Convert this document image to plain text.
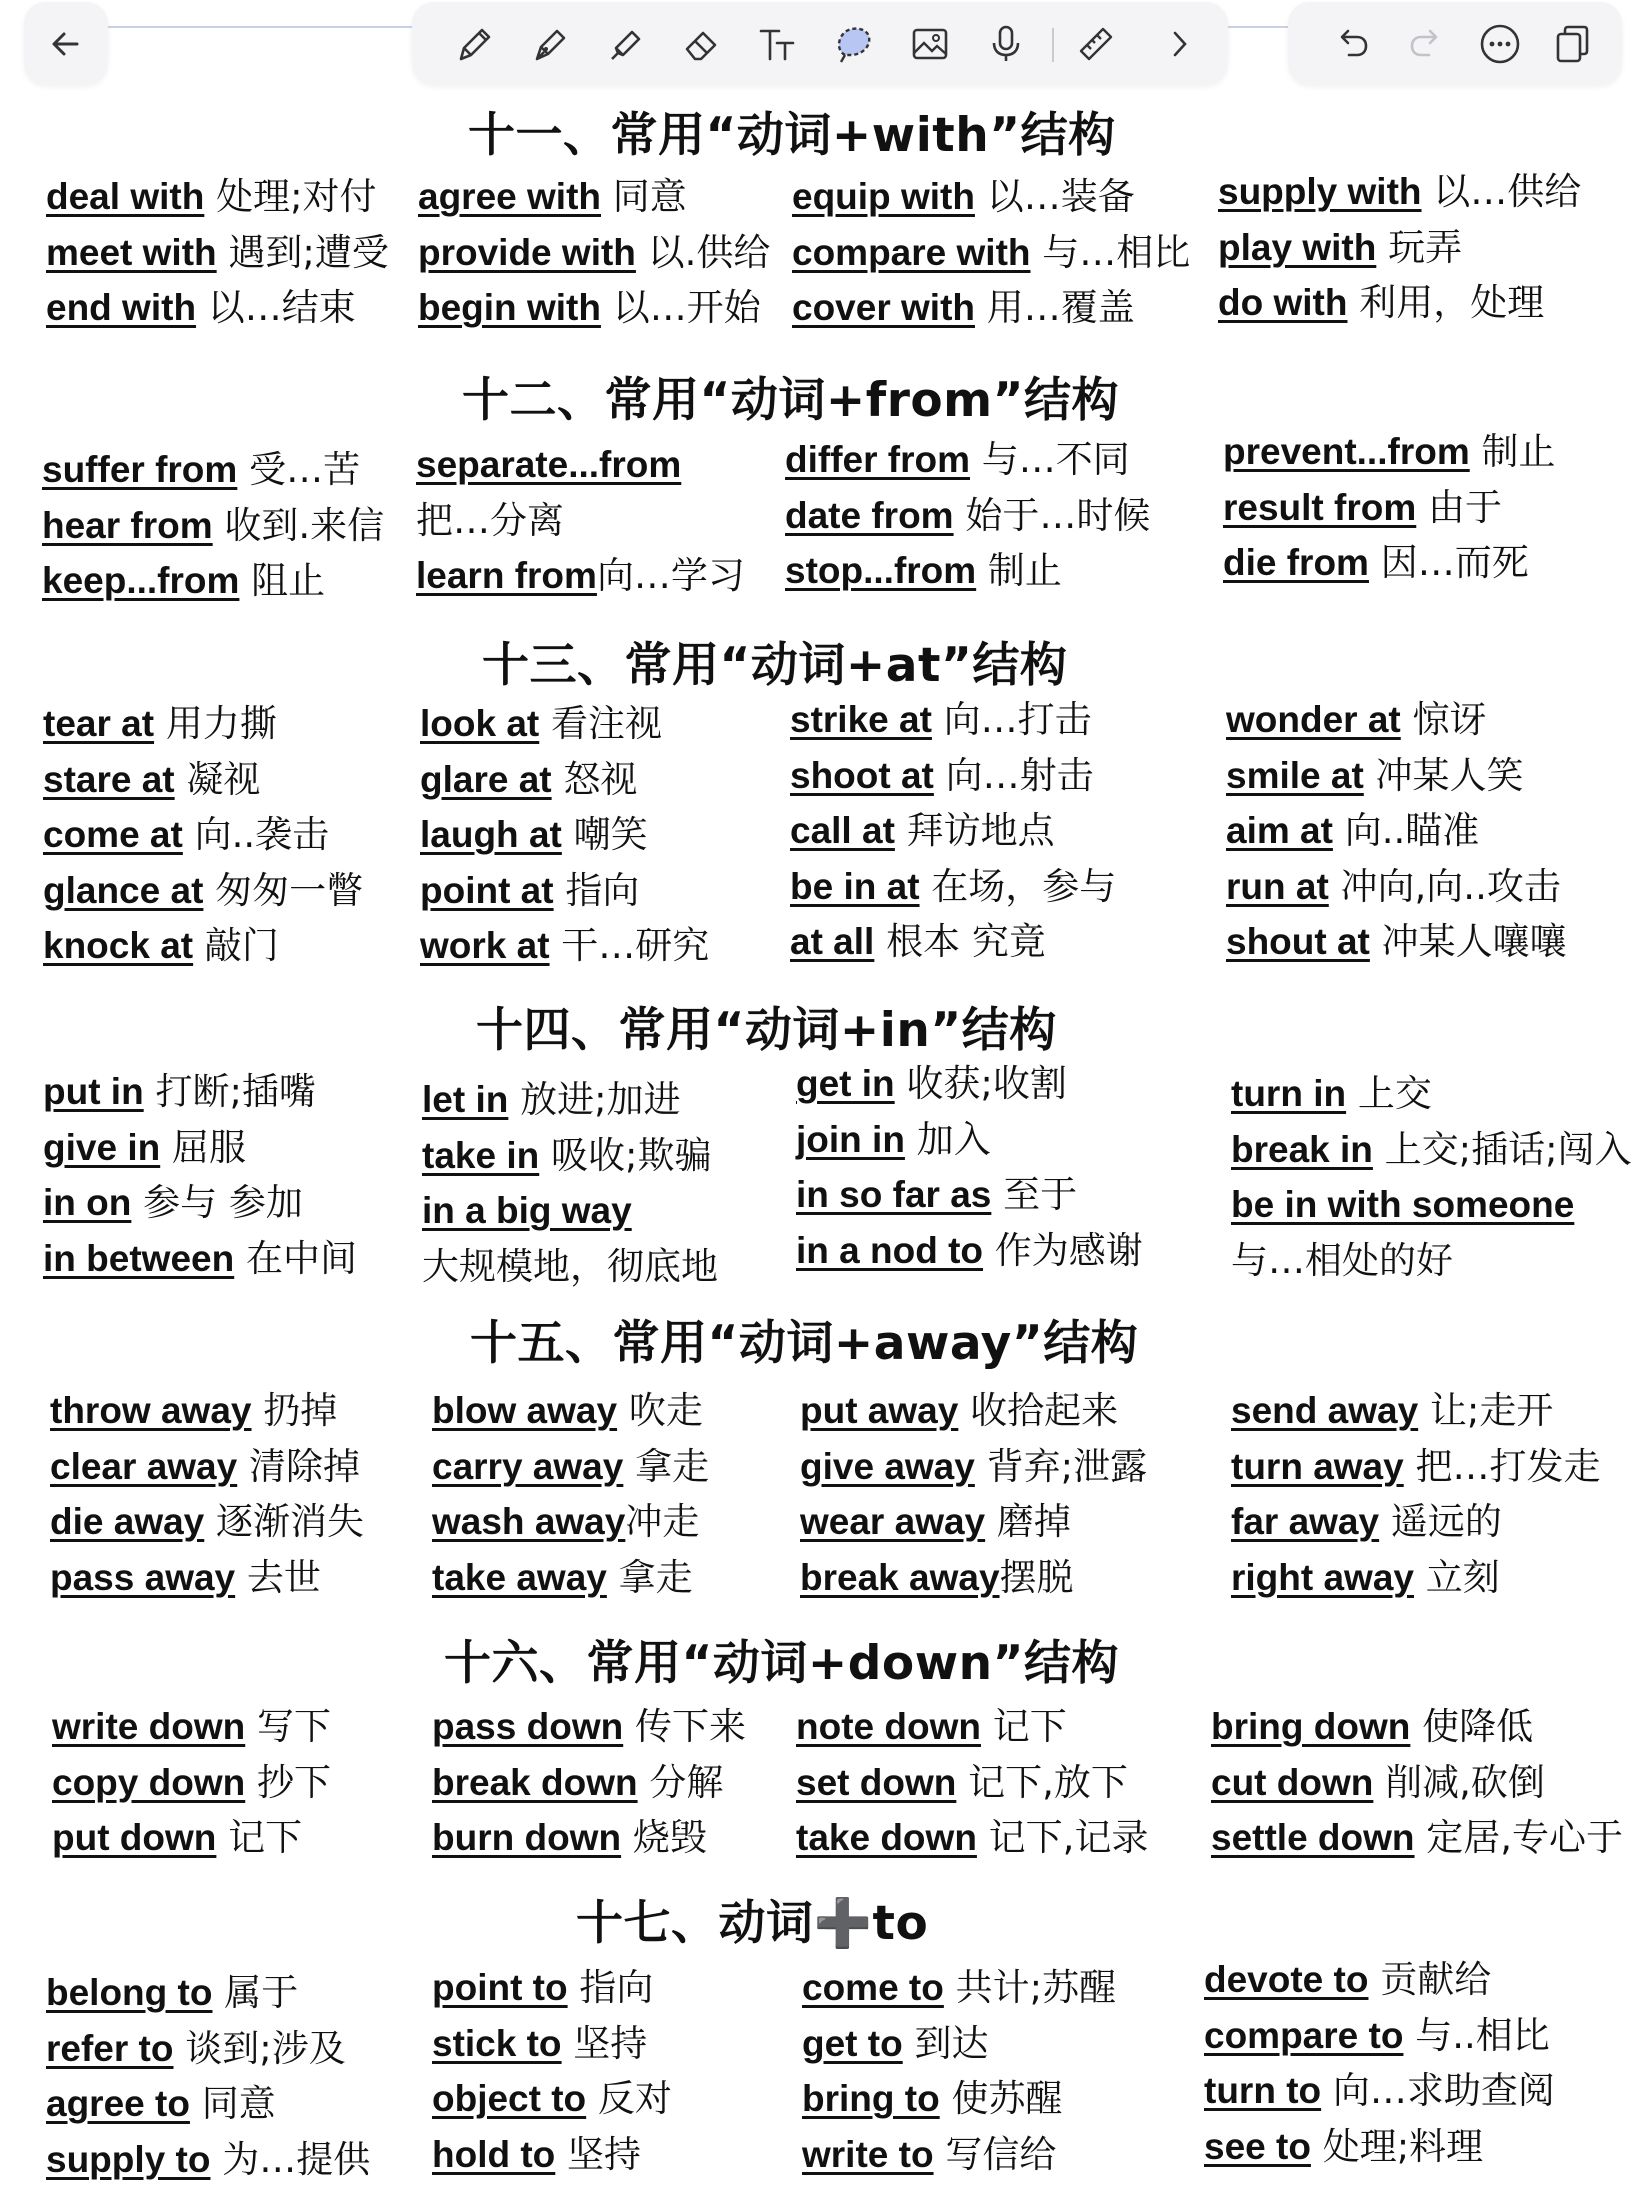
十一、常用“动词+with”结构
deal with 处理;对付
meet with 遇到;遭受
end with 以…结束
agree with 同意
provide with 以.供给
begin with 以…开始
equip with 以…装备
compare with 与…相比
cover with 用…覆盖
supply with 以…供给
play with 玩弄
do with 利用，处理
十二、常用“动词+from”结构
suffer from 受…苦
hear from 收到.来信
keep...from 阻止
separate...from
把…分离
learn from向…学习
differ from 与…不同
date from 始于…时候
stop...from 制止
prevent...from 制止
result from 由于
die from 因…而死
十三、常用“动词+at”结构
tear at 用力撕
stare at 凝视
come at 向..袭击
glance at 匆匆一瞥
knock at 敲门
look at 看注视
glare at 怒视
laugh at 嘲笑
point at 指向
work at 干…研究
strike at 向…打击
shoot at 向…射击
call at 拜访地点
be in at 在场，参与
at all 根本 究竟
wonder at 惊讶
smile at 冲某人笑
aim at 向..瞄准
run at 冲向,向..攻击
shout at 冲某人嚷嚷
十四、常用“动词+in”结构
put in 打断;插嘴
give in 屈服
in on 参与 参加
in between 在中间
let in 放进;加进
take in 吸收;欺骗
in a big way
大规模地，彻底地
get in 收获;收割
join in 加入
in so far as 至于
in a nod to 作为感谢
turn in 上交
break in 上交;插话;闯入
be in with someone
与…相处的好
十五、常用“动词+away”结构
throw away 扔掉
clear away 清除掉
die away 逐渐消失
pass away 去世
blow away 吹走
carry away 拿走
wash away冲走
take away 拿走
put away 收拾起来
give away 背弃;泄露
wear away 磨掉
break away摆脱
send away 让;走开
turn away 把…打发走
far away 遥远的
right away 立刻
十六、常用“动词+down”结构
write down 写下
copy down 抄下
put down 记下
pass down 传下来
break down 分解
burn down 烧毁
note down 记下
set down 记下,放下
take down 记下,记录
bring down 使降低
cut down 削减,砍倒
settle down 定居,专心于
十七、动词➕to
belong to 属于
refer to 谈到;涉及
agree to 同意
supply to 为…提供
point to 指向
stick to 坚持
object to 反对
hold to 坚持
come to 共计;苏醒
get to 到达
bring to 使苏醒
write to 写信给
devote to 贡献给
compare to 与..相比
turn to 向…求助查阅
see to 处理;料理
